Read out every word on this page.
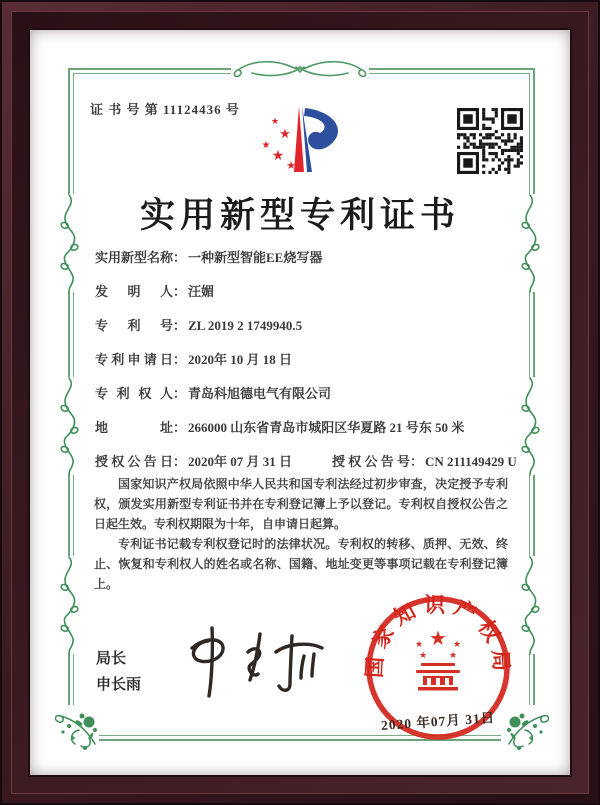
证 书 号 第 11124436 号
★
★
★
★
★
实用新型专利证书
实用新型名称： 一种新型智能EE烧写器
发明人： 汪媚
专利号： ZL 2019 2 1749940.5
专利申请日： 2020年 10 月 18 日
专利权人： 青岛科旭德电气有限公司
地址： 266000 山东省青岛市城阳区华夏路 21 号东 50 米
授权公告日： 2020年 07 月 31 日	授权公告号： CN 211149429 U

国家知识产权局依照中华人民共和国专利法经过初步审查，决定授予专利权，颁发实用新型专利证书并在专利登记簿上予以登记。专利权自授权公告之日起生效。专利权期限为十年，自申请日起算。

专利证书记载专利权登记时的法律状况。专利权的转移、质押、无效、终止、恢复和专利权人的姓名或名称、国籍、地址变更等事项记载在专利登记簿上。

局长
申长雨
国家知识产权局
★
★	★
★ ★
2020 年07月 31日
